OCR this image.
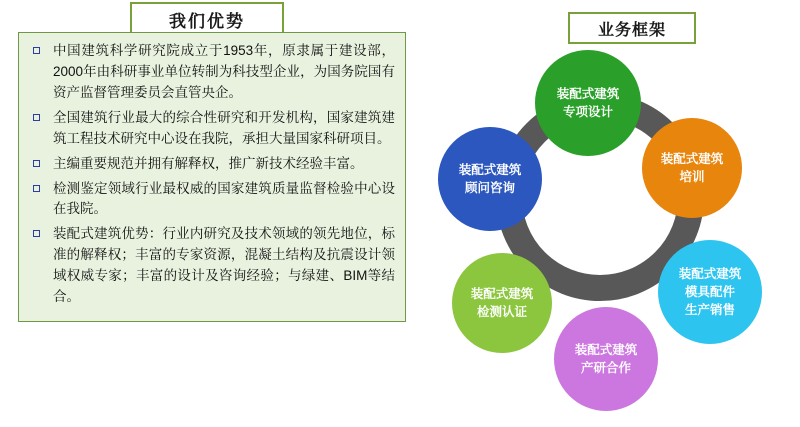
我们优势
中国建筑科学研究院成立于1953年，原隶属于建设部，2000年由科研事业单位转制为科技型企业，为国务院国有资产监督管理委员会直管央企。
全国建筑行业最大的综合性研究和开发机构，国家建筑建筑工程技术研究中心设在我院，承担大量国家科研项目。
主编重要规范并拥有解释权，推广新技术经验丰富。
检测鉴定领域行业最权威的国家建筑质量监督检验中心设在我院。
装配式建筑优势：行业内研究及技术领域的领先地位，标准的解释权；丰富的专家资源，混凝土结构及抗震设计领域权威专家；丰富的设计及咨询经验；与绿建、BIM等结合。
业务框架
装配式建筑
专项设计
装配式建筑
培训
装配式建筑
模具配件
生产销售
装配式建筑
产研合作
装配式建筑
检测认证
装配式建筑
顾问咨询
